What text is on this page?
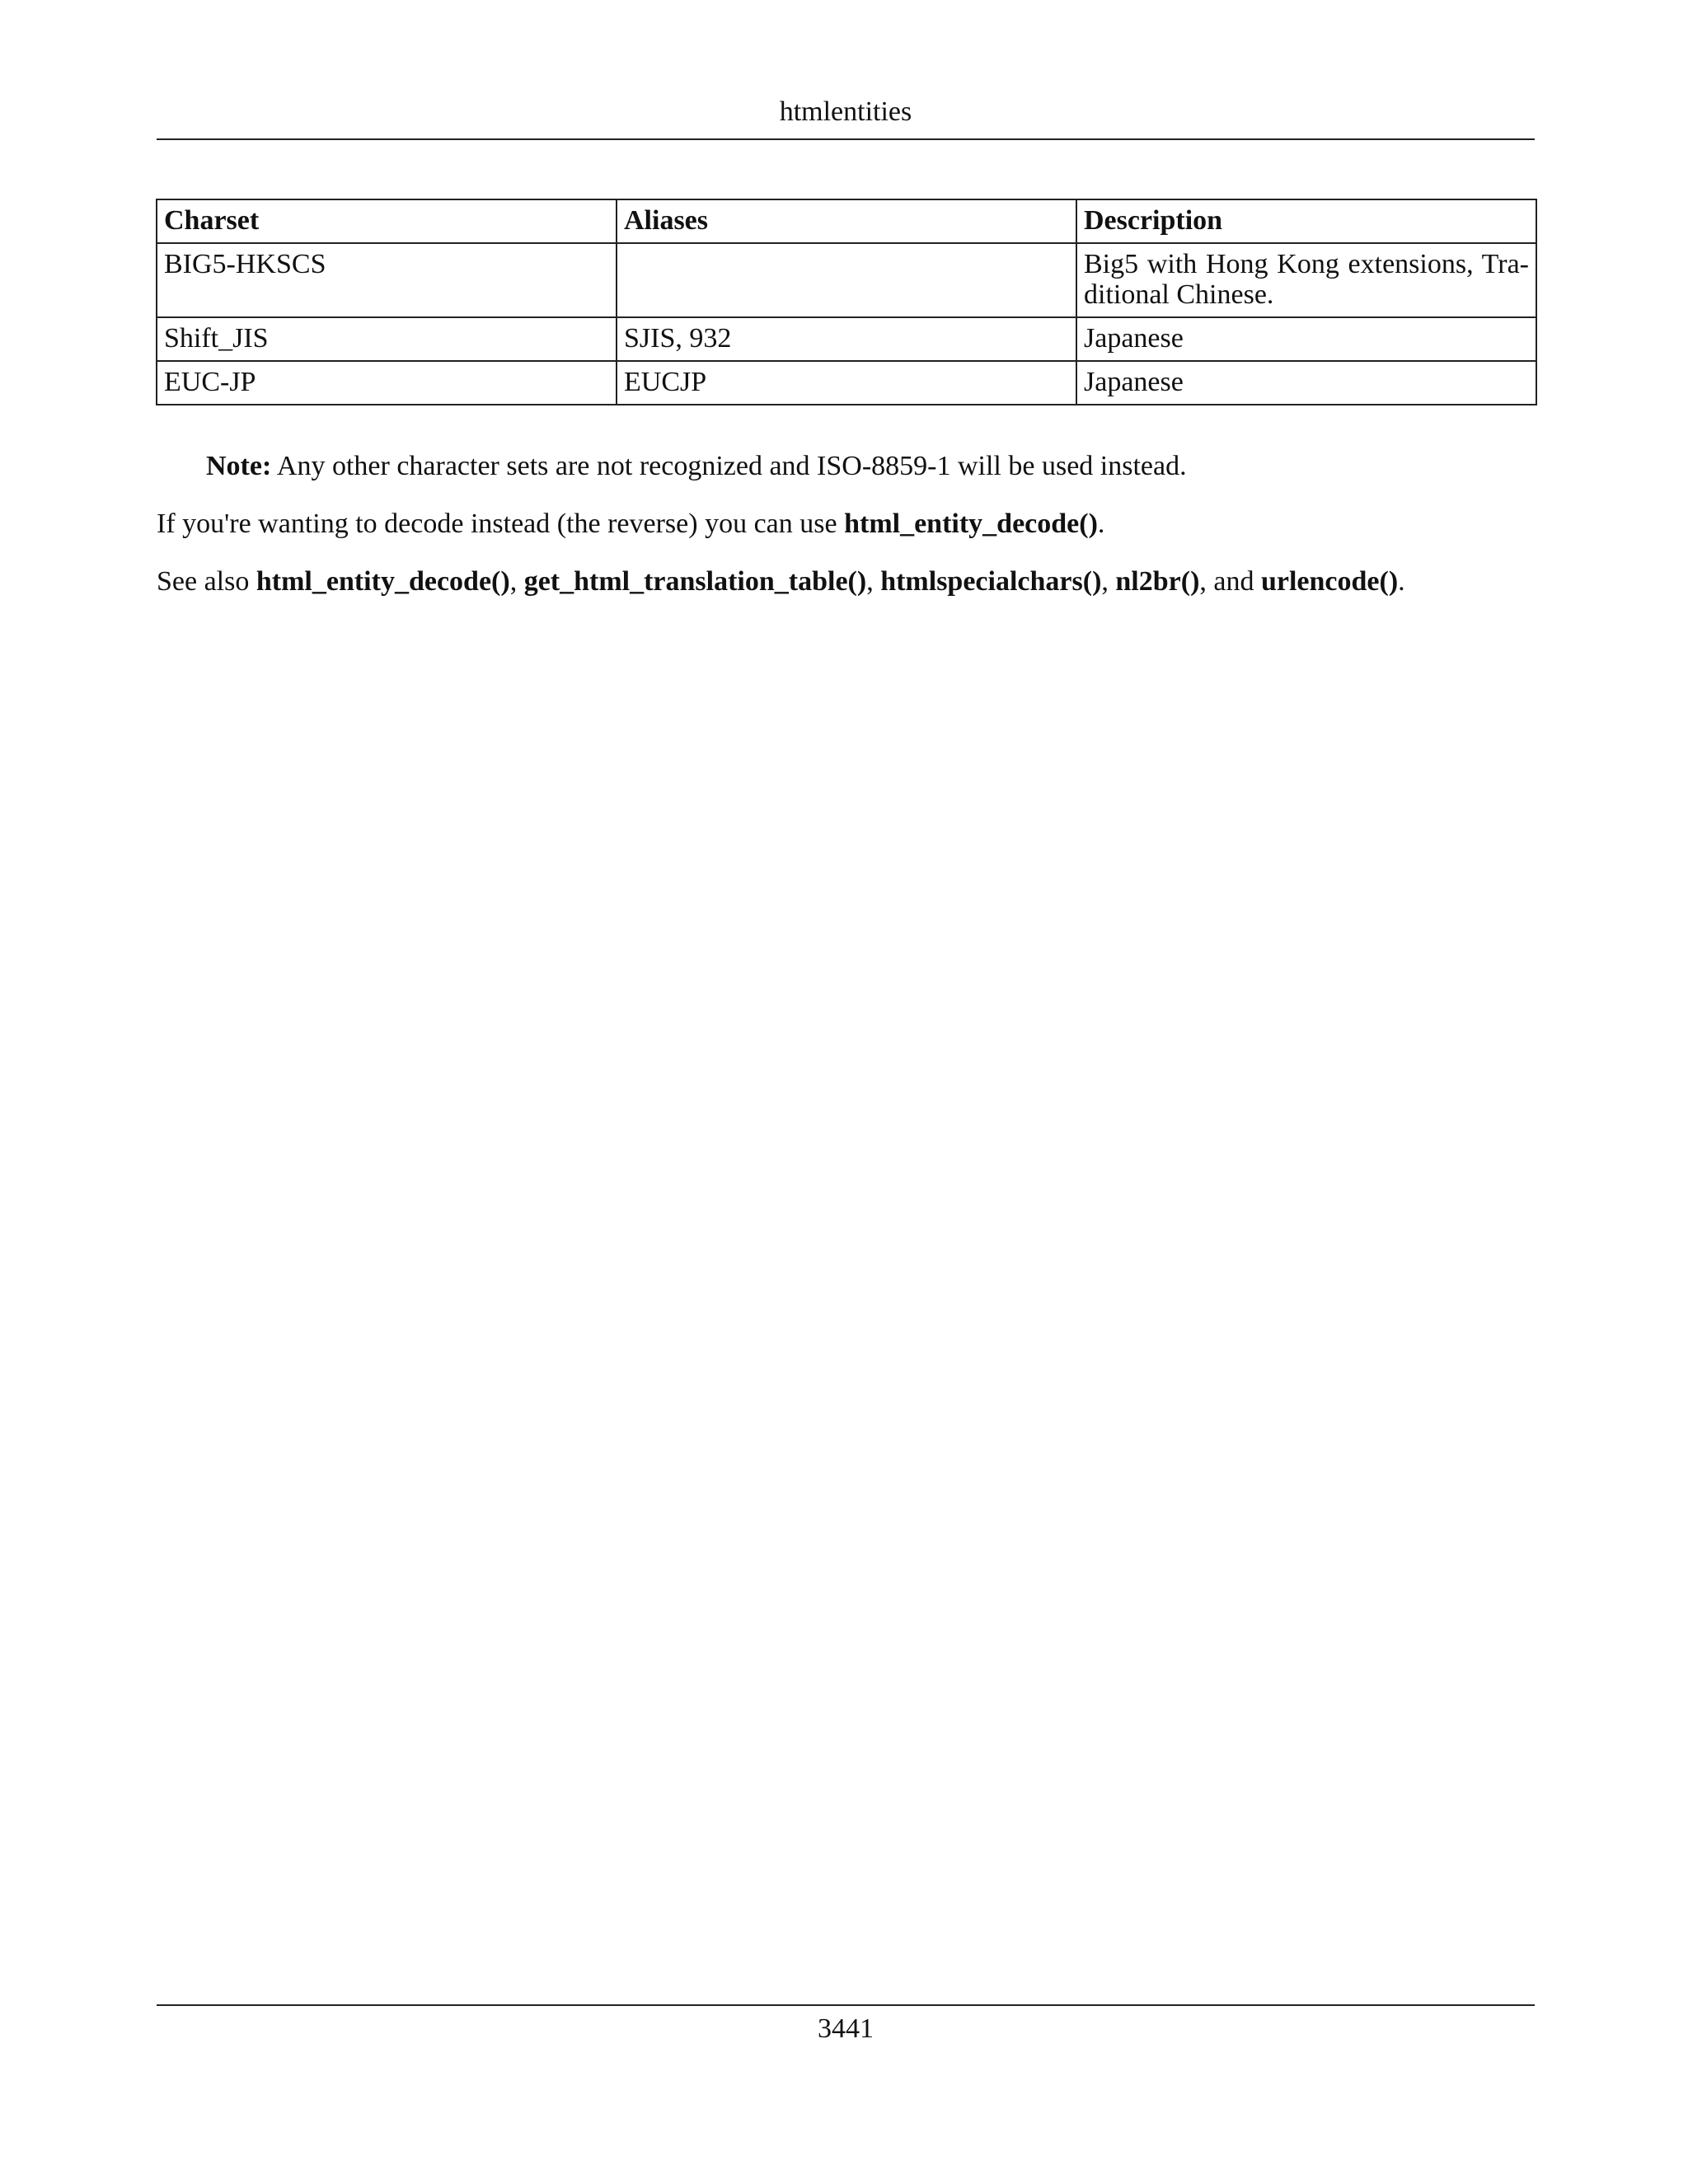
htmlentities
Charset	Aliases	Description
BIG5-HKSCS		Big5 with Hong Kong extensions, Tra-ditional Chinese.
Shift_JIS	SJIS, 932	Japanese
EUC-JP	EUCJP	Japanese

Note: Any other character sets are not recognized and ISO-8859-1 will be used instead.

If you're wanting to decode instead (the reverse) you can use html_entity_decode().

See also html_entity_decode(), get_html_translation_table(), htmlspecialchars(), nl2br(), and urlencode().

3441
